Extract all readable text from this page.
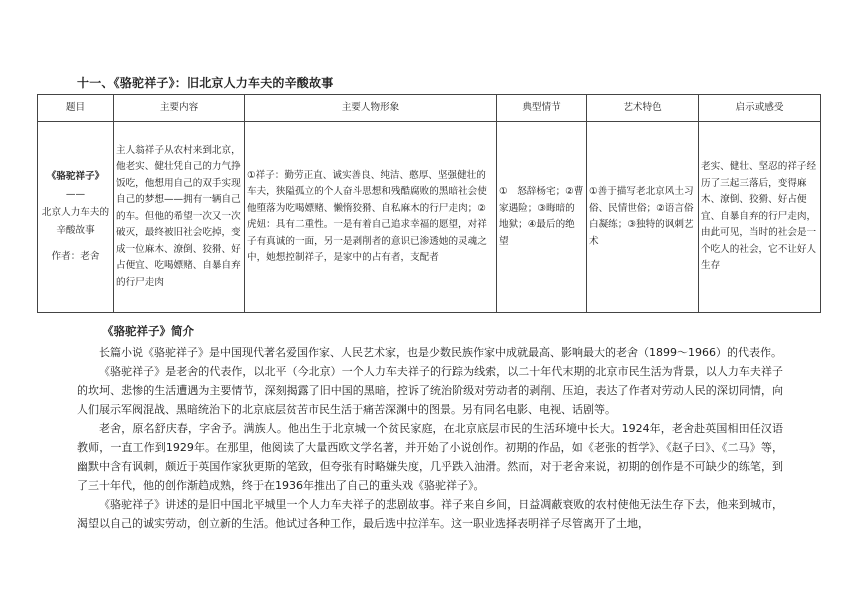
十一、《骆驼祥子》：旧北京人力车夫的辛酸故事
题目	主要内容	主要人物形象	典型情节	艺术特色	启示或感受

《骆驼祥子》
——
北京人力车夫的辛酸故事
作者：老舍	主人翁祥子从农村来到北京，他老实、健壮凭自己的力气挣饭吃，他想用自己的双手实现自己的梦想——拥有一辆自己的车。但他的希望一次又一次破灭，最终被旧社会吃掉，变成一位麻木、潦倒、狡猾、好占便宜、吃喝嫖赌、自暴自弃的行尸走肉	①祥子：勤劳正直、诚实善良、纯洁、憨厚、坚强健壮的车夫，狭隘孤立的个人奋斗思想和残酷腐败的黑暗社会使他堕落为吃喝嫖赌、懒惰狡猾、自私麻木的行尸走肉；②虎妞：具有二重性。一是有着自己追求幸福的愿望，对祥子有真诚的一面，另一是剥削者的意识已渗透她的灵魂之中，她想控制祥子，是家中的占有者，支配者	①　怒辞杨宅；②曹家遇险；③晦暗的地狱；④最后的绝望	①善于描写老北京风土习俗、民情世俗；②语言俗白凝练；③独特的讽刺艺术	老实、健壮、坚忍的祥子经历了三起三落后，变得麻木、潦倒、狡猾、好占便宜、自暴自弃的行尸走肉，由此可见，当时的社会是一个吃人的社会，它不让好人生存
《骆驼祥子》简介

长篇小说《骆驼祥子》是中国现代著名爱国作家、人民艺术家，也是少数民族作家中成就最高、影响最大的老舍（1899～1966）的代表作。

《骆驼祥子》是老舍的代表作，以北平（今北京）一个人力车夫祥子的行踪为线索，以二十年代末期的北京市民生活为背景，以人力车夫祥子的坎坷、悲惨的生活遭遇为主要情节，深刻揭露了旧中国的黑暗，控诉了统治阶级对劳动者的剥削、压迫，表达了作者对劳动人民的深切同情，向人们展示军阀混战、黑暗统治下的北京底层贫苦市民生活于痛苦深渊中的图景。另有同名电影、电视、话剧等。

老舍，原名舒庆春，字舍予。满族人。他出生于北京城一个贫民家庭，在北京底层市民的生活环境中长大。1924年，老舍赴英国相田任汉语教师，一直工作到1929年。在那里，他阅读了大量西欧文学名著，并开始了小说创作。初期的作品，如《老张的哲学》、《赵子曰》、《二马》等，幽默中含有讽刺，颇近于英国作家狄更斯的笔致，但夸张有时略嫌失度，几乎跌入油滑。然而，对于老舍来说，初期的创作是不可缺少的练笔，到了三十年代，他的创作渐趋成熟，终于在1936年推出了自己的重头戏《骆驼祥子》。

《骆驼祥子》讲述的是旧中国北平城里一个人力车夫祥子的悲剧故事。祥子来自乡间，日益凋蔽衰败的农村使他无法生存下去，他来到城市，渴望以自己的诚实劳动，创立新的生活。他试过各种工作，最后选中拉洋车。这一职业选择表明祥子尽管离开了土地，
